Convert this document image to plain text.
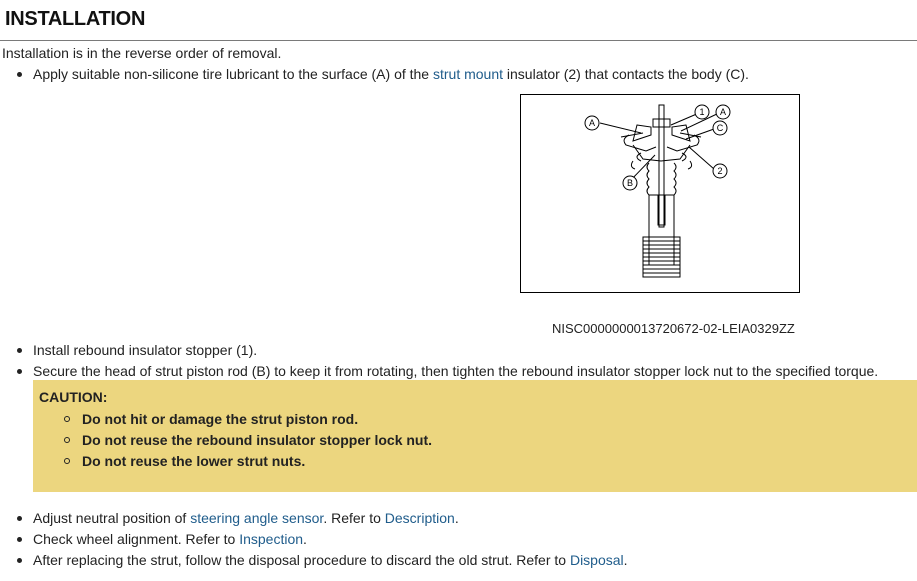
INSTALLATION
Installation is in the reverse order of removal.
Apply suitable non-silicone tire lubricant to the surface (A) of the strut mount insulator (2) that contacts the body (C).
A
1 A
C
2
B
NISC0000000013720672-02-LEIA0329ZZ
Install rebound insulator stopper (1).
Secure the head of strut piston rod (B) to keep it from rotating, then tighten the rebound insulator stopper lock nut to the specified torque.
CAUTION:
Do not hit or damage the strut piston rod.
Do not reuse the rebound insulator stopper lock nut.
Do not reuse the lower strut nuts.
Adjust neutral position of steering angle sensor. Refer to Description.
Check wheel alignment. Refer to Inspection.
After replacing the strut, follow the disposal procedure to discard the old strut. Refer to Disposal.
